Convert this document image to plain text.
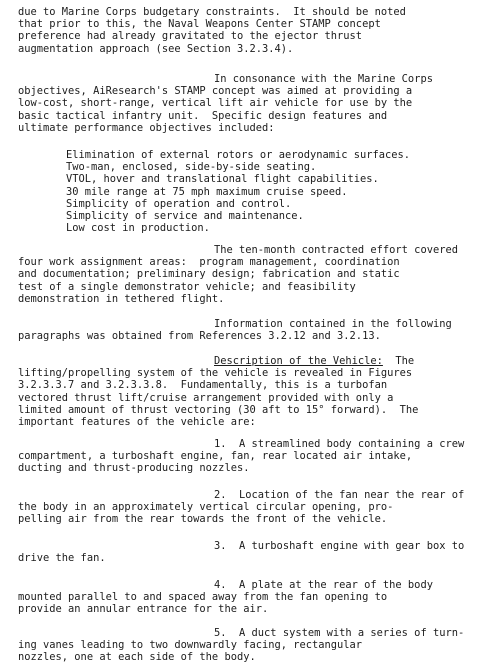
due to Marine Corps budgetary constraints.  It should be noted
that prior to this, the Naval Weapons Center STAMP concept
preference had already gravitated to the ejector thrust
augmentation approach (see Section 3.2.3.4).
In consonance with the Marine Corps
objectives, AiResearch's STAMP concept was aimed at providing a
low-cost, short-range, vertical lift air vehicle for use by the
basic tactical infantry unit.  Specific design features and
ultimate performance objectives included:
Elimination of external rotors or aerodynamic surfaces.
Two-man, enclosed, side-by-side seating.
VTOL, hover and translational flight capabilities.
30 mile range at 75 mph maximum cruise speed.
Simplicity of operation and control.
Simplicity of service and maintenance.
Low cost in production.
The ten-month contracted effort covered
four work assignment areas:  program management, coordination
and documentation; preliminary design; fabrication and static
test of a single demonstrator vehicle; and feasibility
demonstration in tethered flight.
Information contained in the following
paragraphs was obtained from References 3.2.12 and 3.2.13.
Description of the Vehicle:  The
lifting/propelling system of the vehicle is revealed in Figures
3.2.3.3.7 and 3.2.3.3.8.  Fundamentally, this is a turbofan
vectored thrust lift/cruise arrangement provided with only a
limited amount of thrust vectoring (30 aft to 15° forward).  The
important features of the vehicle are:
1.  A streamlined body containing a crew
compartment, a turboshaft engine, fan, rear located air intake,
ducting and thrust-producing nozzles.
2.  Location of the fan near the rear of
the body in an approximately vertical circular opening, pro-
pelling air from the rear towards the front of the vehicle.
3.  A turboshaft engine with gear box to
drive the fan.
4.  A plate at the rear of the body
mounted parallel to and spaced away from the fan opening to
provide an annular entrance for the air.
5.  A duct system with a series of turn-
ing vanes leading to two downwardly facing, rectangular
nozzles, one at each side of the body.
